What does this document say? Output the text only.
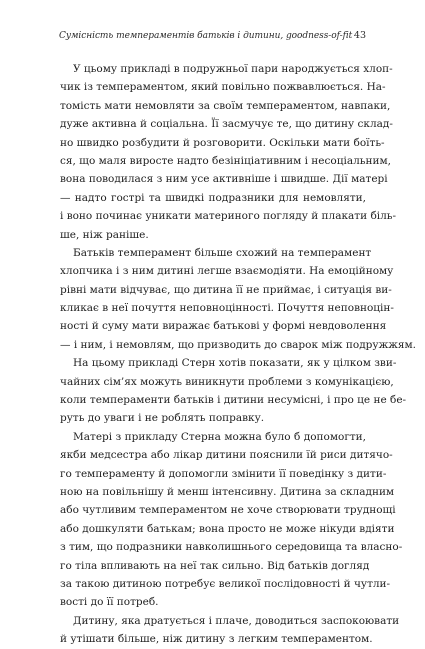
Сумісність темпераментів батьків і дитини, goodness-of-fit 43
У цьому прикладі в подружньої пари народжується хлоп-
чик із темпераментом, який повільно пожвавлюється. На-
томість мати немовляти за своїм темпераментом, навпаки,
дуже активна й соціальна. Її засмучує те, що дитину склад-
но швидко розбудити й розговорити. Оскільки мати боїть-
ся, що маля виросте надто безініціативним і несоціальним,
вона поводилася з ним усе активніше і швидше. Дії матері
— надто гострі та швидкі подразники для немовляти,
і воно починає уникати материного погляду й плакати біль-
ше, ніж раніше.
Батьків темперамент більше схожий на темперамент
хлопчика і з ним дитині легше взаємодіяти. На емоційному
рівні мати відчуває, що дитина її не приймає, і ситуація ви-
кликає в неї почуття неповноцінності. Почуття неповноцін-
ності й суму мати виражає батькові у формі невдоволення
— і ним, і немовлям, що призводить до сварок між подружжям.
На цьому прикладі Стерн хотів показати, як у цілком зви-
чайних сім’ях можуть виникнути проблеми з комунікацією,
коли темпераменти батьків і дитини несумісні, і про це не бе-
руть до уваги і не роблять поправку.
Матері з прикладу Стерна можна було б допомогти,
якби медсестра або лікар дитини пояснили їй риси дитячо-
го темпераменту й допомогли змінити її поведінку з дити-
ною на повільнішу й менш інтенсивну. Дитина за складним
або чутливим темпераментом не хоче створювати труднощі
або дошкуляти батькам; вона просто не може нікуди вдіяти
з тим, що подразники навколишнього середовища та власно-
го тіла впливають на неї так сильно. Від батьків догляд
за такою дитиною потребує великої послідовності й чутли-
вості до її потреб.
Дитину, яка дратується і плаче, доводиться заспокоювати
й утішати більше, ніж дитину з легким темпераментом.
